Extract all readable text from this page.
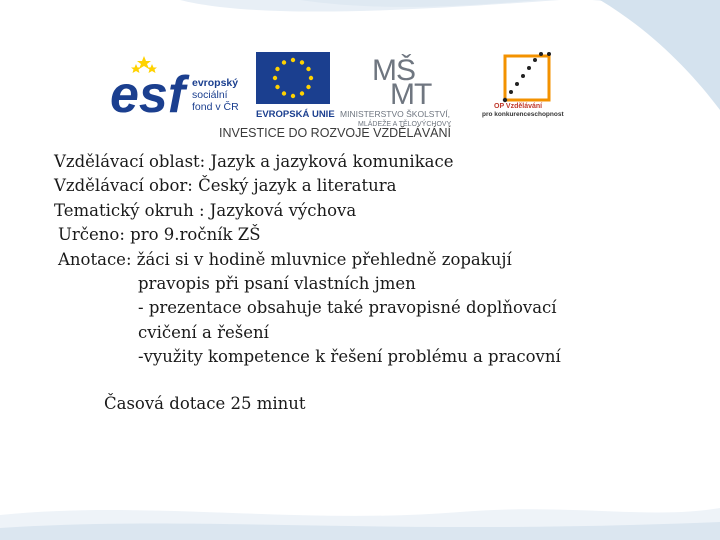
esf evropský
sociální
fond v ČR
EVROPSKÁ UNIE
MŠ
MT
MINISTERSTVO ŠKOLSTVÍ,
MLÁDEŽE A TĚLOVÝCHOVY
OP Vzdělávání
pro konkurenceschopnost
INVESTICE DO ROZVOJE VZDĚLÁVÁNÍ
Vzdělávací oblast: Jazyk a jazyková komunikace
Vzdělávací obor: Český jazyk a literatura
Tematický okruh : Jazyková výchova
Určeno: pro 9.ročník ZŠ
Anotace: žáci si v hodině mluvnice přehledně zopakují
pravopis při psaní vlastních jmen
- prezentace obsahuje také pravopisné doplňovací
cvičení a řešení
-využity kompetence k řešení problému a pracovní
Časová dotace 25 minut
